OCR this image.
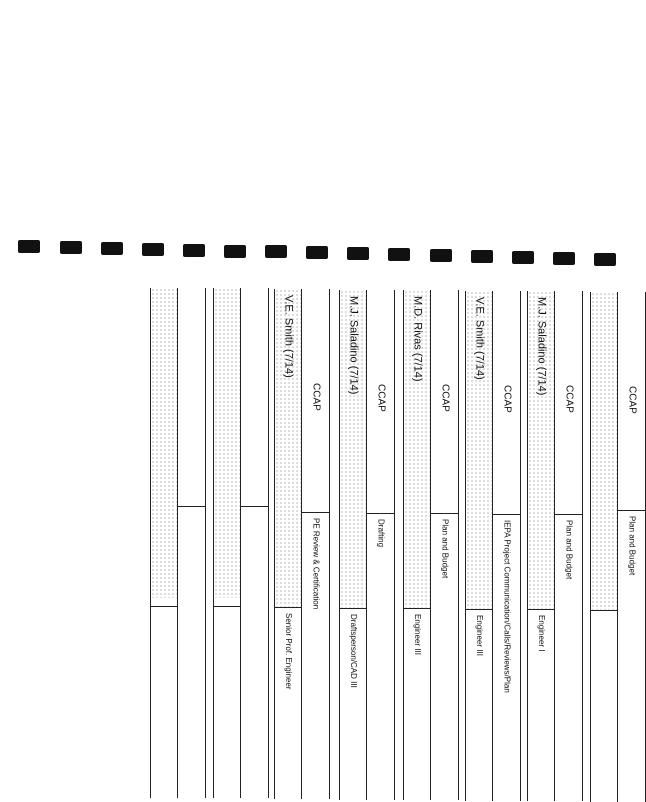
CCAP
Plan and Budget
M.J. Saladino (7/14)
Engineer I
CCAP
Plan and Budget
V.E. Smith (7/14)
Engineer III
CCAP
IEPA Project Communication/Calls/Reviews/Plan
M.D. Rivas (7/14)
Engineer III
CCAP
Plan and Budget
M.J. Saladino (7/14)
Draftsperson/CAD III
CCAP
Drafting
V.E. Smith (7/14)
Senior Prof. Engineer
CCAP
PE Review & Certification
